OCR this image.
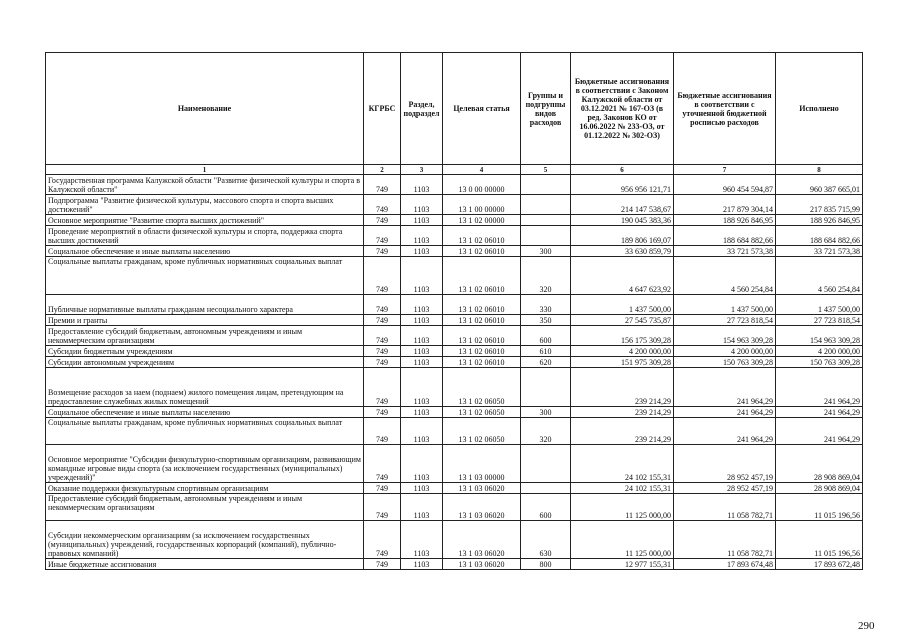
Наименование	КГРБС	Раздел, подраздел	Целевая статья	Группы и подгруппы видов расходов	Бюджетные ассигнования в соответствии с Законом Калужской области от 03.12.2021 № 167-ОЗ (в ред. Законов КО от 16.06.2022 № 233-ОЗ, от 01.12.2022 № 302-ОЗ)	Бюджетные ассигнования в соответствии с уточненной бюджетной росписью расходов	Исполнено
1	2	3	4	5	6	7	8
Государственная программа Калужской области "Развитие физической культуры и спорта в Калужской области"	749	1103	13 0 00 00000		956 956 121,71	960 454 594,87	960 387 665,01
Подпрограмма "Развитие физической культуры, массового спорта и спорта высших достижений"	749	1103	13 1 00 00000		214 147 538,67	217 879 304,14	217 835 715,99
Основное мероприятие "Развитие спорта высших достижений"	749	1103	13 1 02 00000		190 045 383,36	188 926 846,95	188 926 846,95
Проведение мероприятий в области физической культуры и спорта, поддержка спорта высших достижений	749	1103	13 1 02 06010		189 806 169,07	188 684 882,66	188 684 882,66
Социальное обеспечение и иные выплаты населению	749	1103	13 1 02 06010	300	33 630 859,79	33 721 573,38	33 721 573,38
Социальные выплаты гражданам, кроме публичных нормативных социальных выплат	749	1103	13 1 02 06010	320	4 647 623,92	4 560 254,84	4 560 254,84
Публичные нормативные выплаты гражданам несоциального характера	749	1103	13 1 02 06010	330	1 437 500,00	1 437 500,00	1 437 500,00
Премии и гранты	749	1103	13 1 02 06010	350	27 545 735,87	27 723 818,54	27 723 818,54
Предоставление субсидий бюджетным, автономным учреждениям и иным некоммерческим организациям	749	1103	13 1 02 06010	600	156 175 309,28	154 963 309,28	154 963 309,28
Субсидии бюджетным учреждениям	749	1103	13 1 02 06010	610	4 200 000,00	4 200 000,00	4 200 000,00
Субсидии автономным учреждениям	749	1103	13 1 02 06010	620	151 975 309,28	150 763 309,28	150 763 309,28
Возмещение расходов за наем (поднаем) жилого помещения лицам, претендующим на предоставление служебных жилых помещений	749	1103	13 1 02 06050		239 214,29	241 964,29	241 964,29
Социальное обеспечение и иные выплаты населению	749	1103	13 1 02 06050	300	239 214,29	241 964,29	241 964,29
Социальные выплаты гражданам, кроме публичных нормативных социальных выплат	749	1103	13 1 02 06050	320	239 214,29	241 964,29	241 964,29
Основное мероприятие "Субсидии физкультурно-спортивным организациям, развивающим командные игровые виды спорта (за исключением государственных (муниципальных) учреждений)"	749	1103	13 1 03 00000		24 102 155,31	28 952 457,19	28 908 869,04
Оказание поддержки физкультурным спортивным организациям	749	1103	13 1 03 06020		24 102 155,31	28 952 457,19	28 908 869,04
Предоставление субсидий бюджетным, автономным учреждениям и иным некоммерческим организациям	749	1103	13 1 03 06020	600	11 125 000,00	11 058 782,71	11 015 196,56
Субсидии некоммерческим организациям (за исключением государственных (муниципальных) учреждений, государственных корпораций (компаний), публично-правовых компаний)	749	1103	13 1 03 06020	630	11 125 000,00	11 058 782,71	11 015 196,56
Иные бюджетные ассигнования	749	1103	13 1 03 06020	800	12 977 155,31	17 893 674,48	17 893 672,48
290
